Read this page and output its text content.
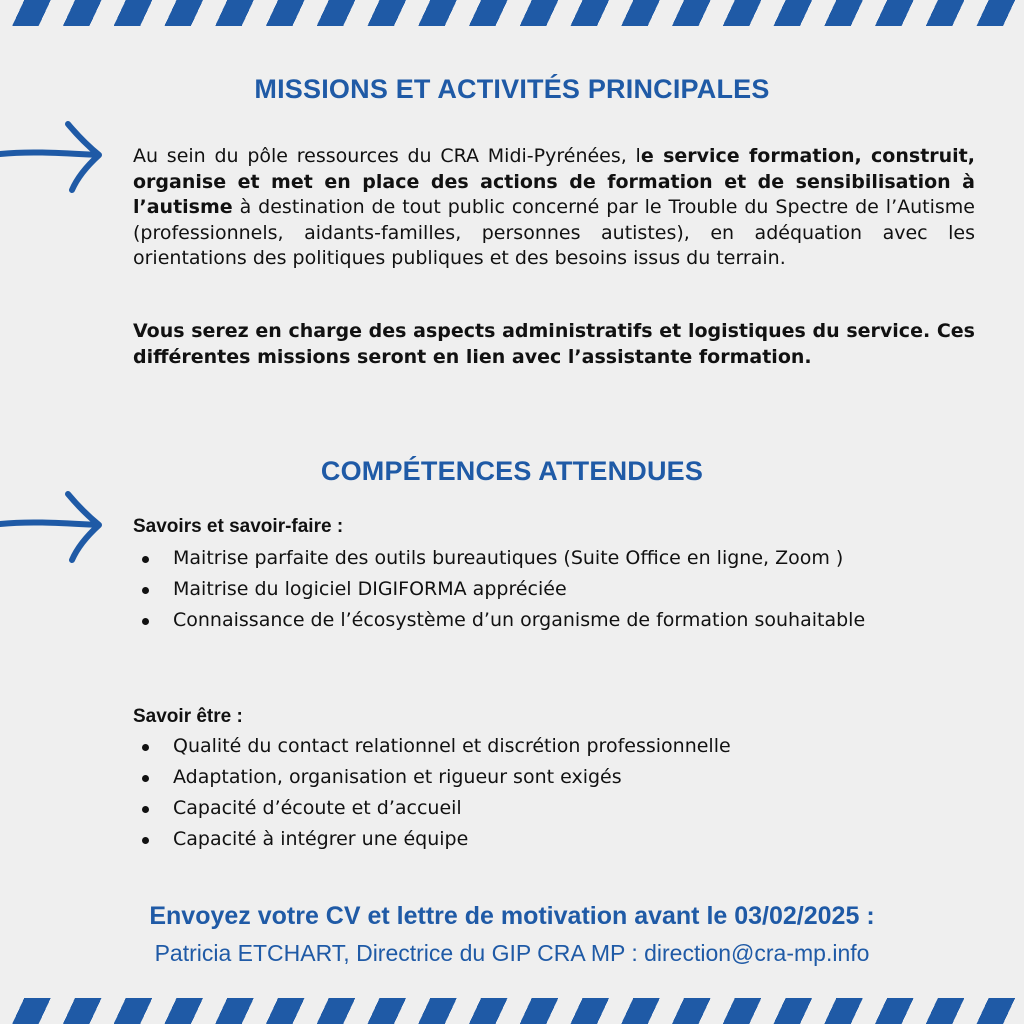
MISSIONS ET ACTIVITÉS PRINCIPALES

Au sein du pôle ressources du CRA Midi-Pyrénées, le service formation, construit, organise et met en place des actions de formation et de sensibilisation à l’autisme à destination de tout public concerné par le Trouble du Spectre de l’Autisme (professionnels, aidants-familles, personnes autistes), en adéquation avec les orientations des politiques publiques et des besoins issus du terrain.

Vous serez en charge des aspects administratifs et logistiques du service. Ces différentes missions seront en lien avec l’assistante formation.

COMPÉTENCES ATTENDUES

Savoirs et savoir-faire :

Maitrise parfaite des outils bureautiques (Suite Office en ligne, Zoom )
Maitrise du logiciel DIGIFORMA appréciée
Connaissance de l’écosystème d’un organisme de formation souhaitable

Savoir être :

Qualité du contact relationnel et discrétion professionnelle
Adaptation, organisation et rigueur sont exigés
Capacité d’écoute et d’accueil
Capacité à intégrer une équipe

Envoyez votre CV et lettre de motivation avant le 03/02/2025 :

Patricia ETCHART, Directrice du GIP CRA MP : direction@cra-mp.info
